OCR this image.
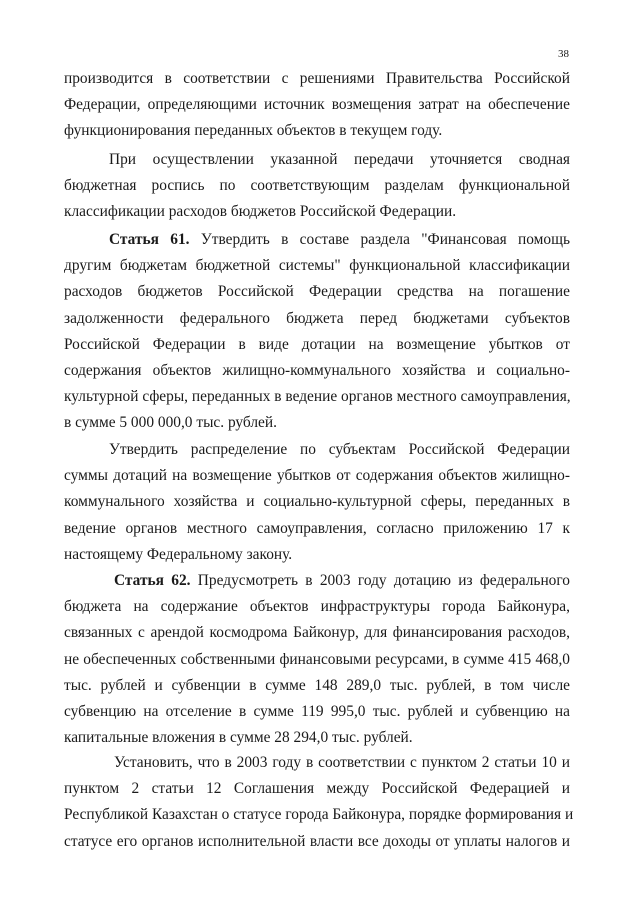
38
производится в соответствии с решениями Правительства Российской
Федерации, определяющими источник возмещения затрат на обеспечение
функционирования переданных объектов в текущем году.
При осуществлении указанной передачи уточняется сводная
бюджетная роспись по соответствующим разделам функциональной
классификации расходов бюджетов Российской Федерации.
Статья 61. Утвердить в составе раздела "Финансовая помощь
другим бюджетам бюджетной системы" функциональной классификации
расходов бюджетов Российской Федерации средства на погашение
задолженности федерального бюджета перед бюджетами субъектов
Российской Федерации в виде дотации на возмещение убытков от
содержания объектов жилищно-коммунального хозяйства и социально-
культурной сферы, переданных в ведение органов местного самоуправления,
в сумме 5 000 000,0 тыс. рублей.
Утвердить распределение по субъектам Российской Федерации
суммы дотаций на возмещение убытков от содержания объектов жилищно-
коммунального хозяйства и социально-культурной сферы, переданных в
ведение органов местного самоуправления, согласно приложению 17 к
настоящему Федеральному закону.
Статья 62. Предусмотреть в 2003 году дотацию из федерального
бюджета на содержание объектов инфраструктуры города Байконура,
связанных с арендой космодрома Байконур, для финансирования расходов,
не обеспеченных собственными финансовыми ресурсами, в сумме 415 468,0
тыс. рублей и субвенции в сумме 148 289,0 тыс. рублей, в том числе
субвенцию на отселение в сумме 119 995,0 тыс. рублей и субвенцию на
капитальные вложения в сумме 28 294,0 тыс. рублей.
Установить, что в 2003 году в соответствии с пунктом 2 статьи 10 и
пунктом 2 статьи 12 Соглашения между Российской Федерацией и
Республикой Казахстан о статусе города Байконура, порядке формирования и
статусе его органов исполнительной власти все доходы от уплаты налогов и
